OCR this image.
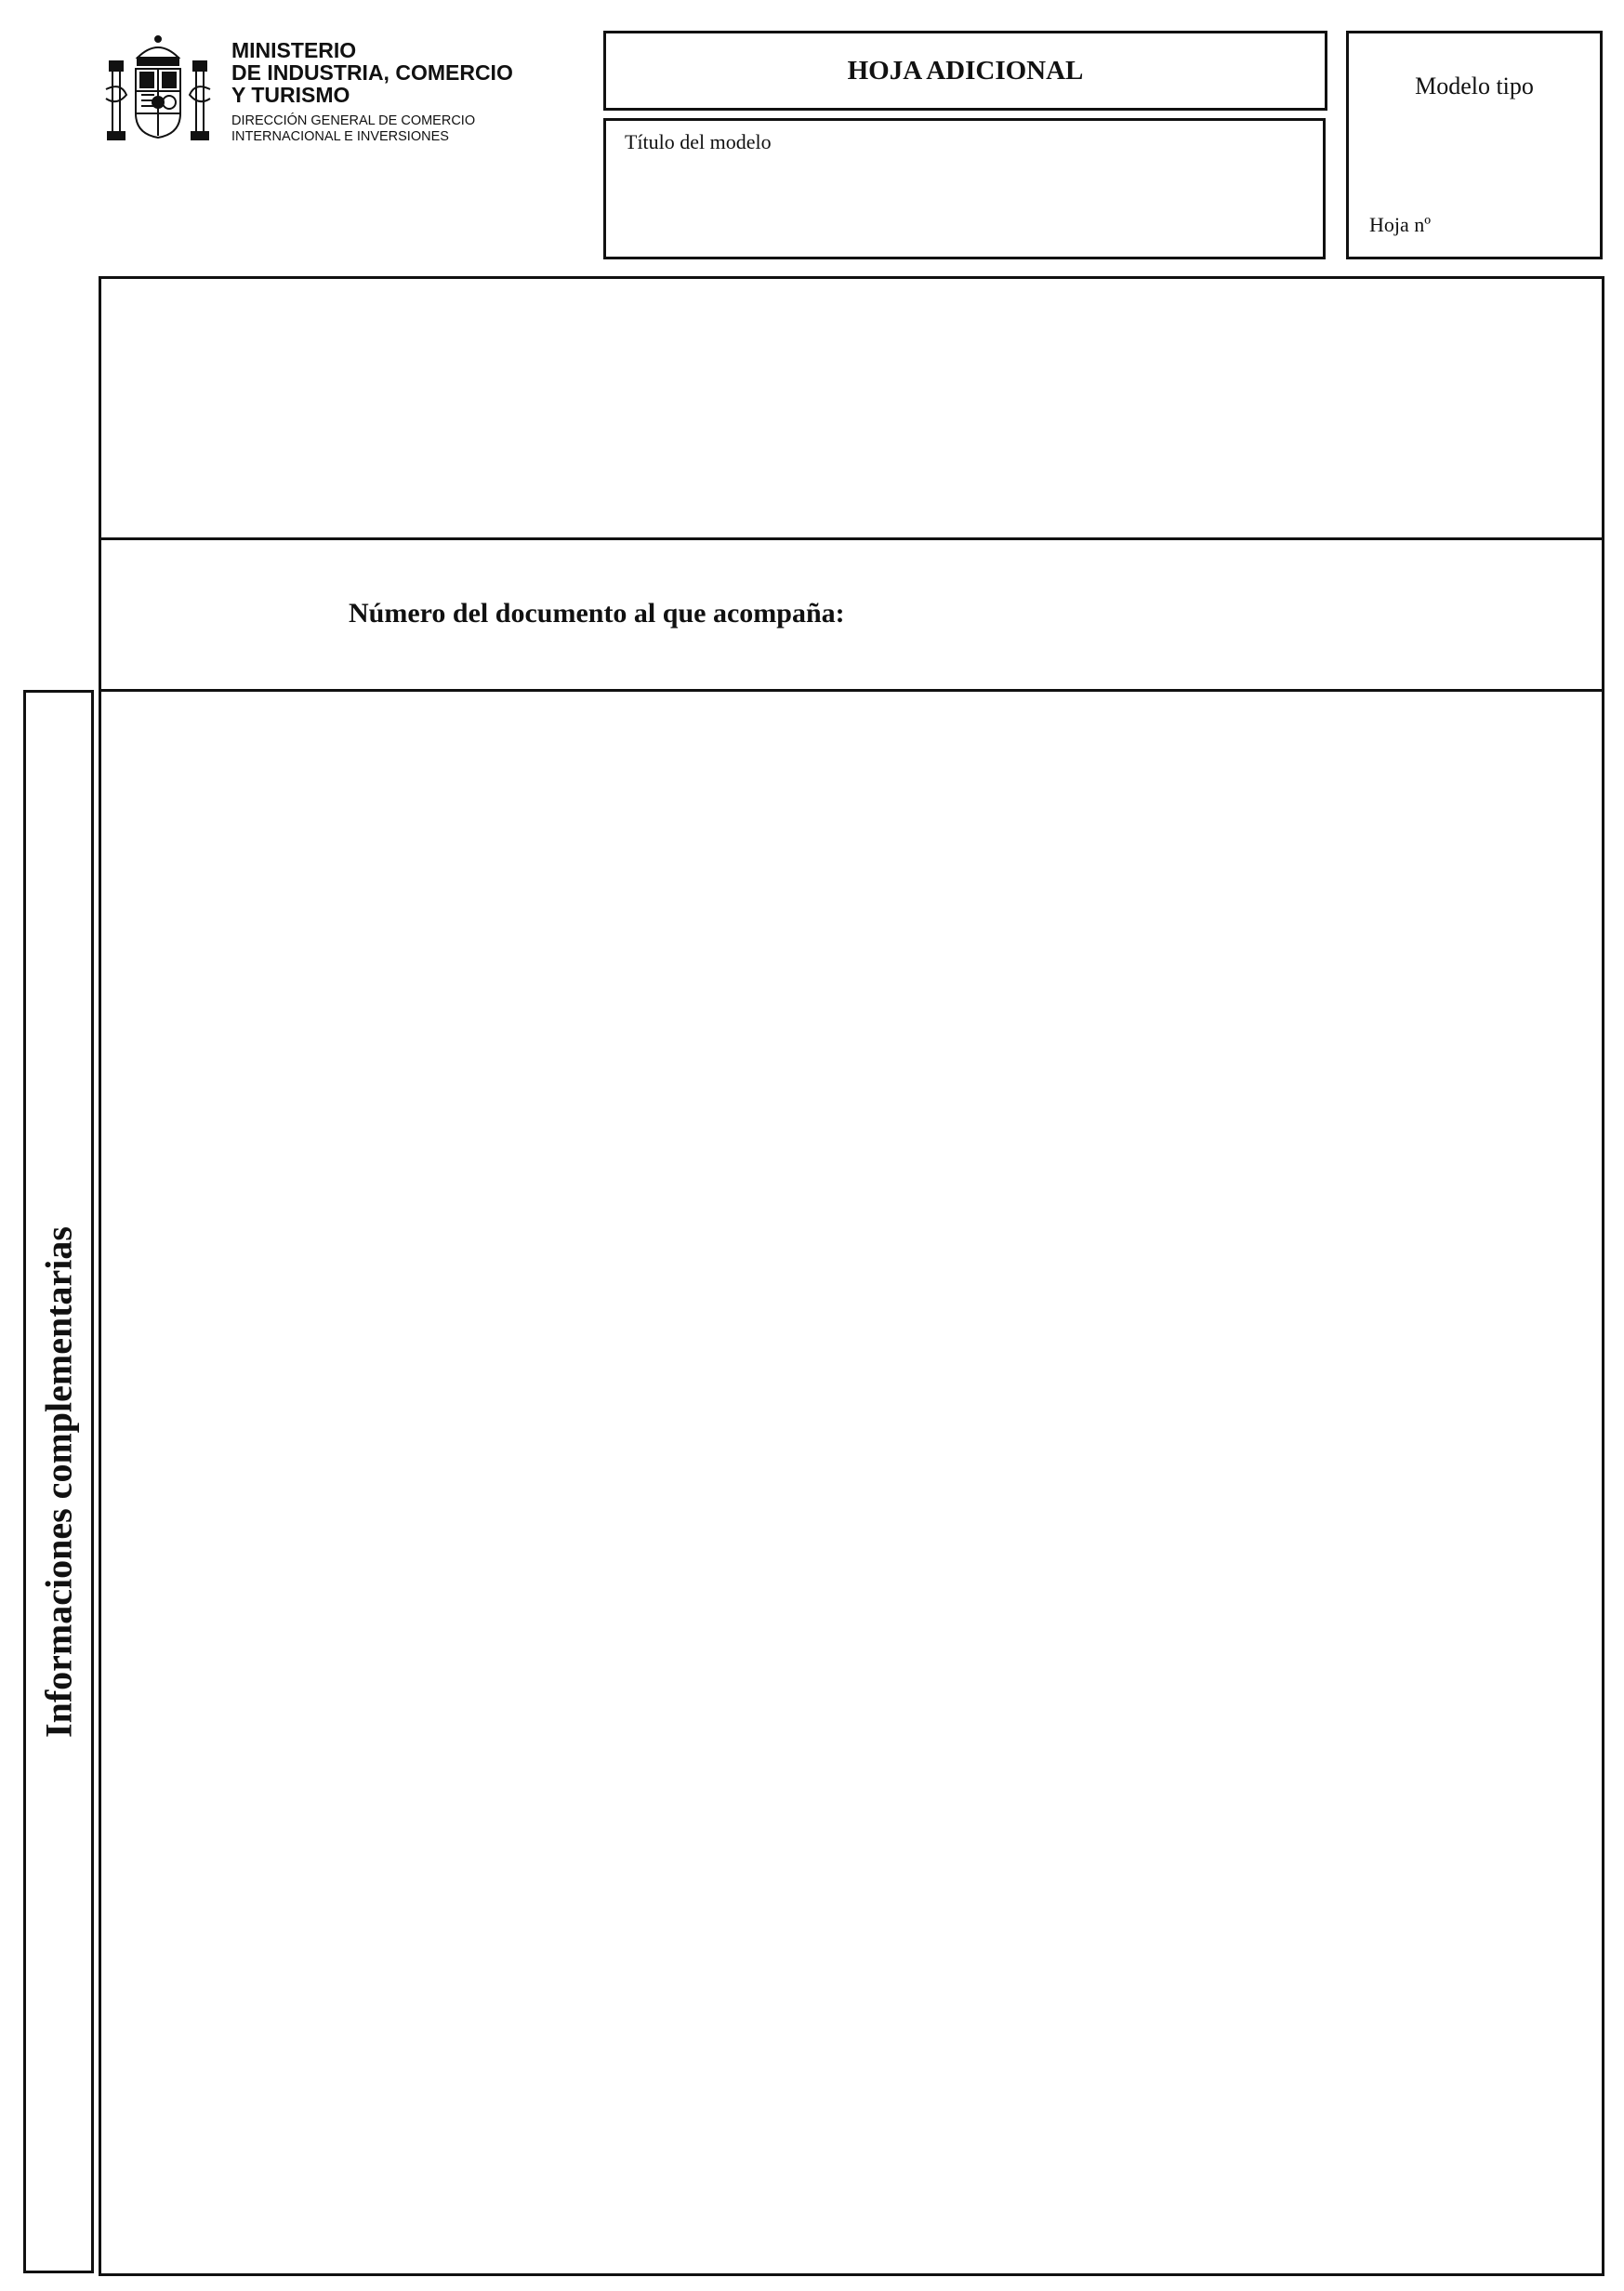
MINISTERIO
DE INDUSTRIA, COMERCIO
Y TURISMO
DIRECCIÓN GENERAL DE COMERCIO
INTERNACIONAL E INVERSIONES
HOJA ADICIONAL
Título del modelo
Modelo tipo
Hoja nº
Número del documento al que acompaña:
Informaciones complementarias
